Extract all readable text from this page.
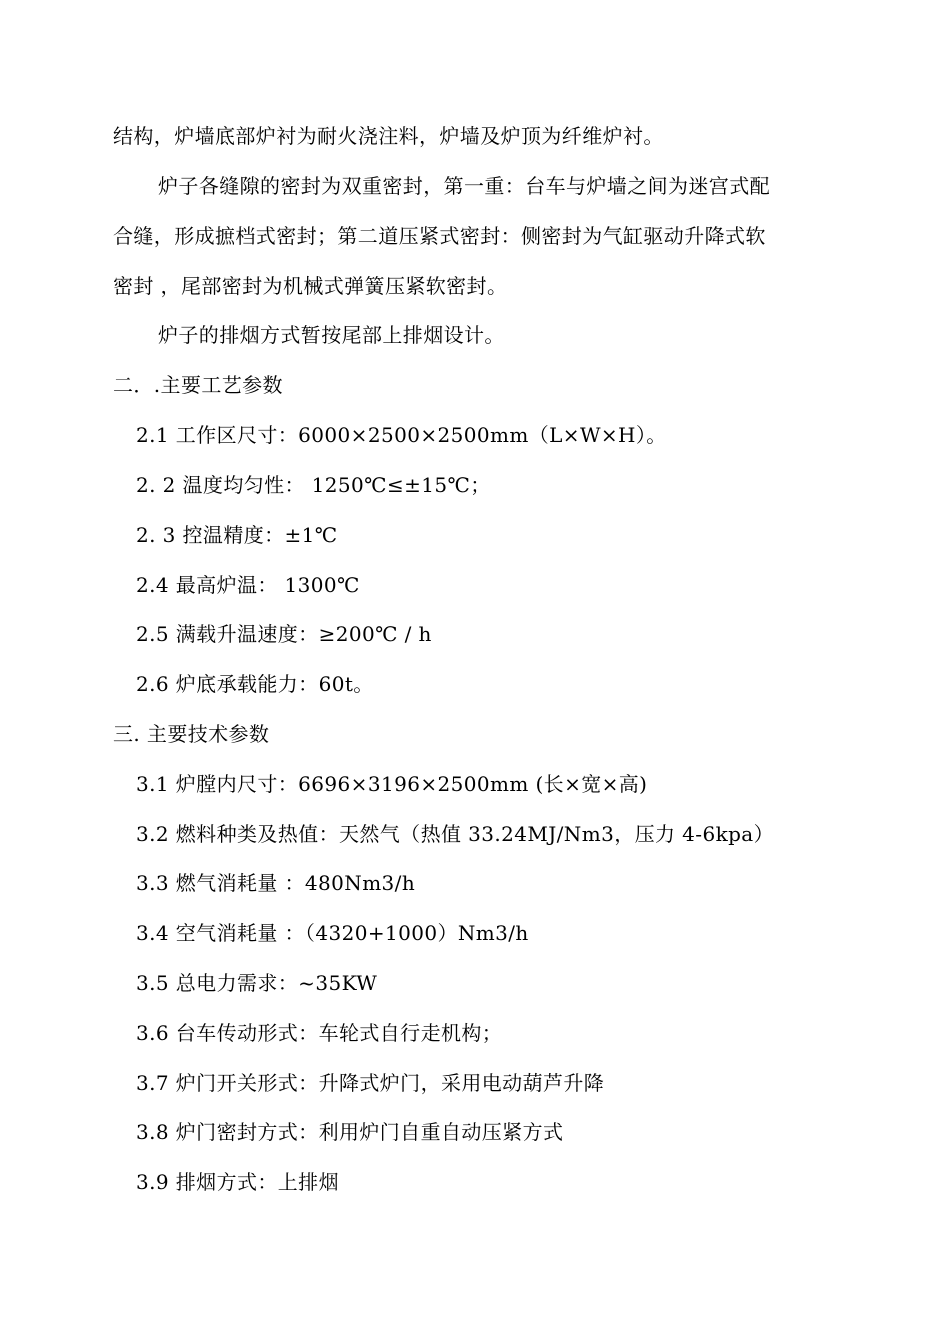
结构，炉墙底部炉衬为耐火浇注料，炉墙及炉顶为纤维炉衬。
炉子各缝隙的密封为双重密封，第一重：台车与炉墙之间为迷宫式配
合缝，形成摭档式密封；第二道压紧式密封：侧密封为气缸驱动升降式软
密封 ，尾部密封为机械式弹簧压紧软密封。
炉子的排烟方式暂按尾部上排烟设计。
二．.主要工艺参数
2.1 工作区尺寸：6000×2500×2500mm（L×W×H）。
2. 2 温度均匀性： 1250℃≤±15℃；
2. 3 控温精度：±1℃
2.4 最高炉温： 1300℃
2.5 满载升温速度：≥200℃ / h
2.6 炉底承载能力：60t。
三. 主要技术参数
3.1 炉膛内尺寸：6696×3196×2500mm (长×宽×高)
3.2 燃料种类及热值：天然气（热值 33.24MJ/Nm3，压力 4-6kpa）
3.3 燃气消耗量 ：480Nm3/h
3.4 空气消耗量 ：（4320+1000）Nm3/h
3.5 总电力需求：~35KW
3.6 台车传动形式：车轮式自行走机构；
3.7 炉门开关形式：升降式炉门，采用电动葫芦升降
3.8 炉门密封方式：利用炉门自重自动压紧方式
3.9 排烟方式：上排烟
